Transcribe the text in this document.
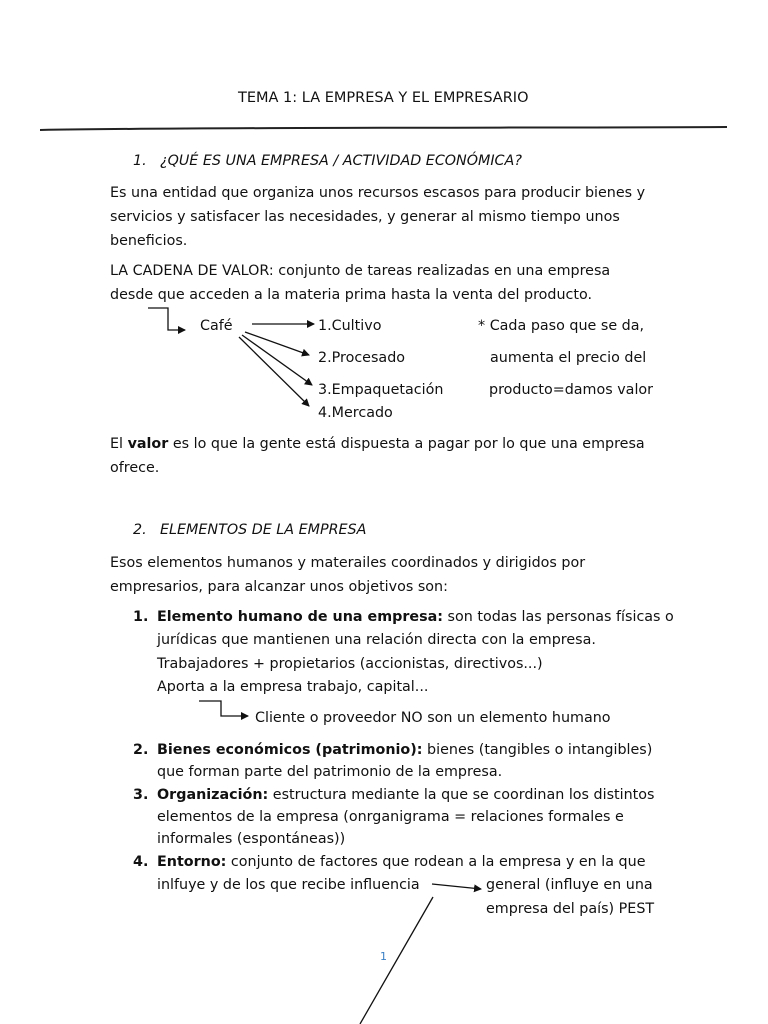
TEMA 1: LA EMPRESA Y EL EMPRESARIO
1. ¿QUÉ ES UNA EMPRESA / ACTIVIDAD ECONÓMICA?
Es una entidad que organiza unos recursos escasos para producir bienes y
servicios y satisfacer las necesidades, y generar al mismo tiempo unos
beneficios.
LA CADENA DE VALOR: conjunto de tareas realizadas en una empresa
desde que acceden a la materia prima hasta la venta del producto.
Café	1.Cultivo
2.Procesado
3.Empaquetación
4.Mercado
* Cada paso que se da,
aumenta el precio del
producto=damos valor
El valor es lo que la gente está dispuesta a pagar por lo que una empresa
ofrece.
2. ELEMENTOS DE LA EMPRESA
Esos elementos humanos y materailes coordinados y dirigidos por
empresarios, para alcanzar unos objetivos son:
1. Elemento humano de una empresa: son todas las personas físicas o
jurídicas que mantienen una relación directa con la empresa.
Trabajadores + propietarios (accionistas, directivos...)
Aporta a la empresa trabajo, capital...
Cliente o proveedor NO son un elemento humano
2. Bienes económicos (patrimonio): bienes (tangibles o intangibles)
que forman parte del patrimonio de la empresa.
3. Organización: estructura mediante la que se coordinan los distintos
elementos de la empresa (onrganigrama = relaciones formales e
informales (espontáneas))
4. Entorno: conjunto de factores que rodean a la empresa y en la que
inlfuye y de los que recibe influencia	general (influye en una
empresa del país) PEST
1
